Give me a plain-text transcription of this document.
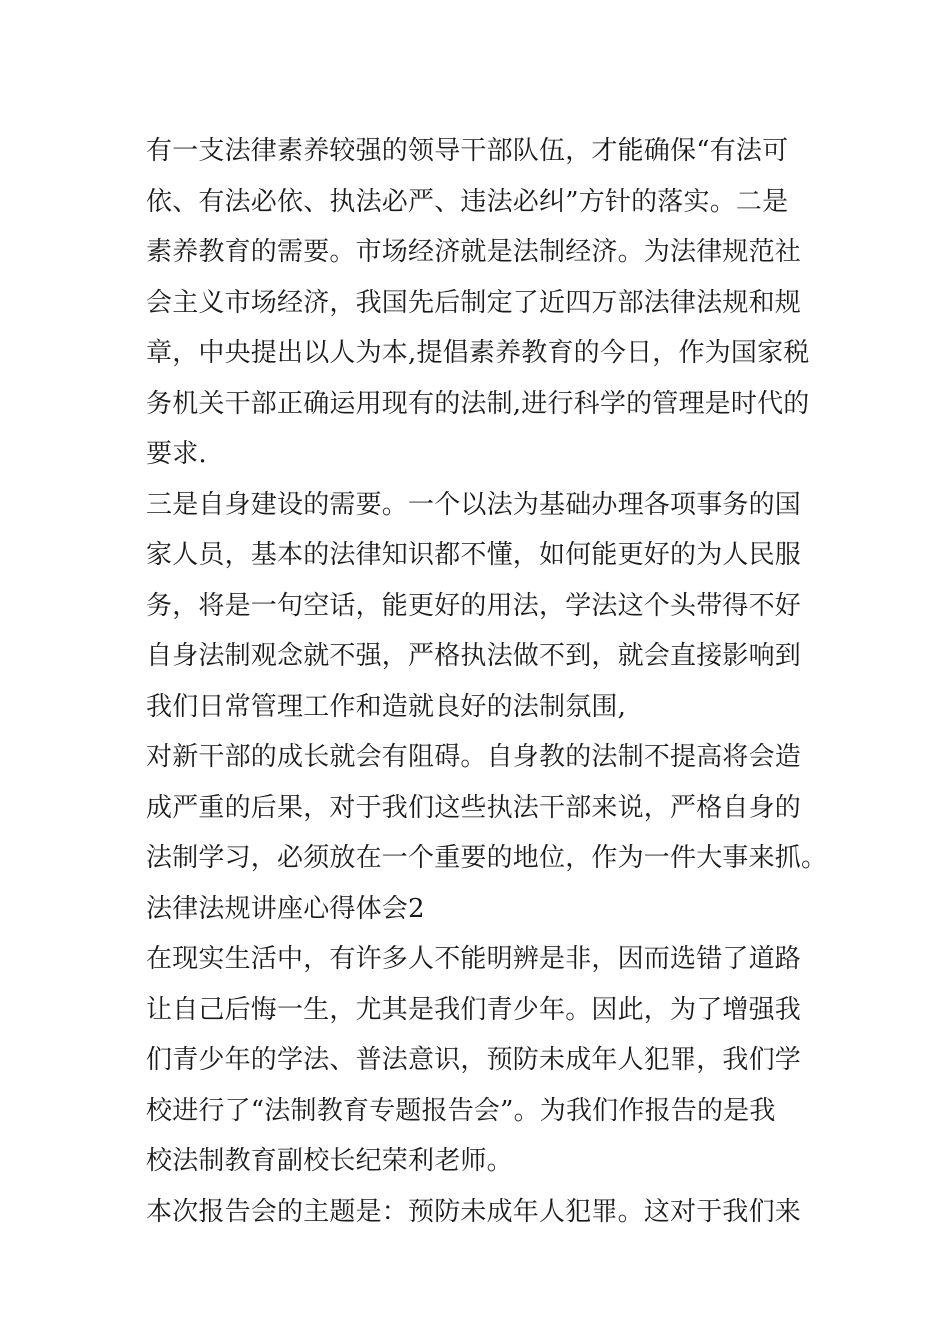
有一支法律素养较强的领导干部队伍，才能确保“有法可
依、有法必依、执法必严、违法必纠”方针的落实。二是
素养教育的需要。市场经济就是法制经济。为法律规范社
会主义市场经济，我国先后制定了近四万部法律法规和规
章，中央提出以人为本,提倡素养教育的今日，作为国家税
务机关干部正确运用现有的法制,进行科学的管理是时代的
要求.
三是自身建设的需要。一个以法为基础办理各项事务的国
家人员，基本的法律知识都不懂，如何能更好的为人民服
务，将是一句空话，能更好的用法，学法这个头带得不好
自身法制观念就不强，严格执法做不到，就会直接影响到
我们日常管理工作和造就良好的法制氛围,
对新干部的成长就会有阻碍。自身教的法制不提高将会造
成严重的后果，对于我们这些执法干部来说，严格自身的
法制学习，必须放在一个重要的地位，作为一件大事来抓。
法律法规讲座心得体会2
在现实生活中，有许多人不能明辨是非，因而选错了道路
让自己后悔一生，尤其是我们青少年。因此，为了增强我
们青少年的学法、普法意识，预防未成年人犯罪，我们学
校进行了“法制教育专题报告会”。为我们作报告的是我
校法制教育副校长纪荣利老师。
本次报告会的主题是：预防未成年人犯罪。这对于我们来
